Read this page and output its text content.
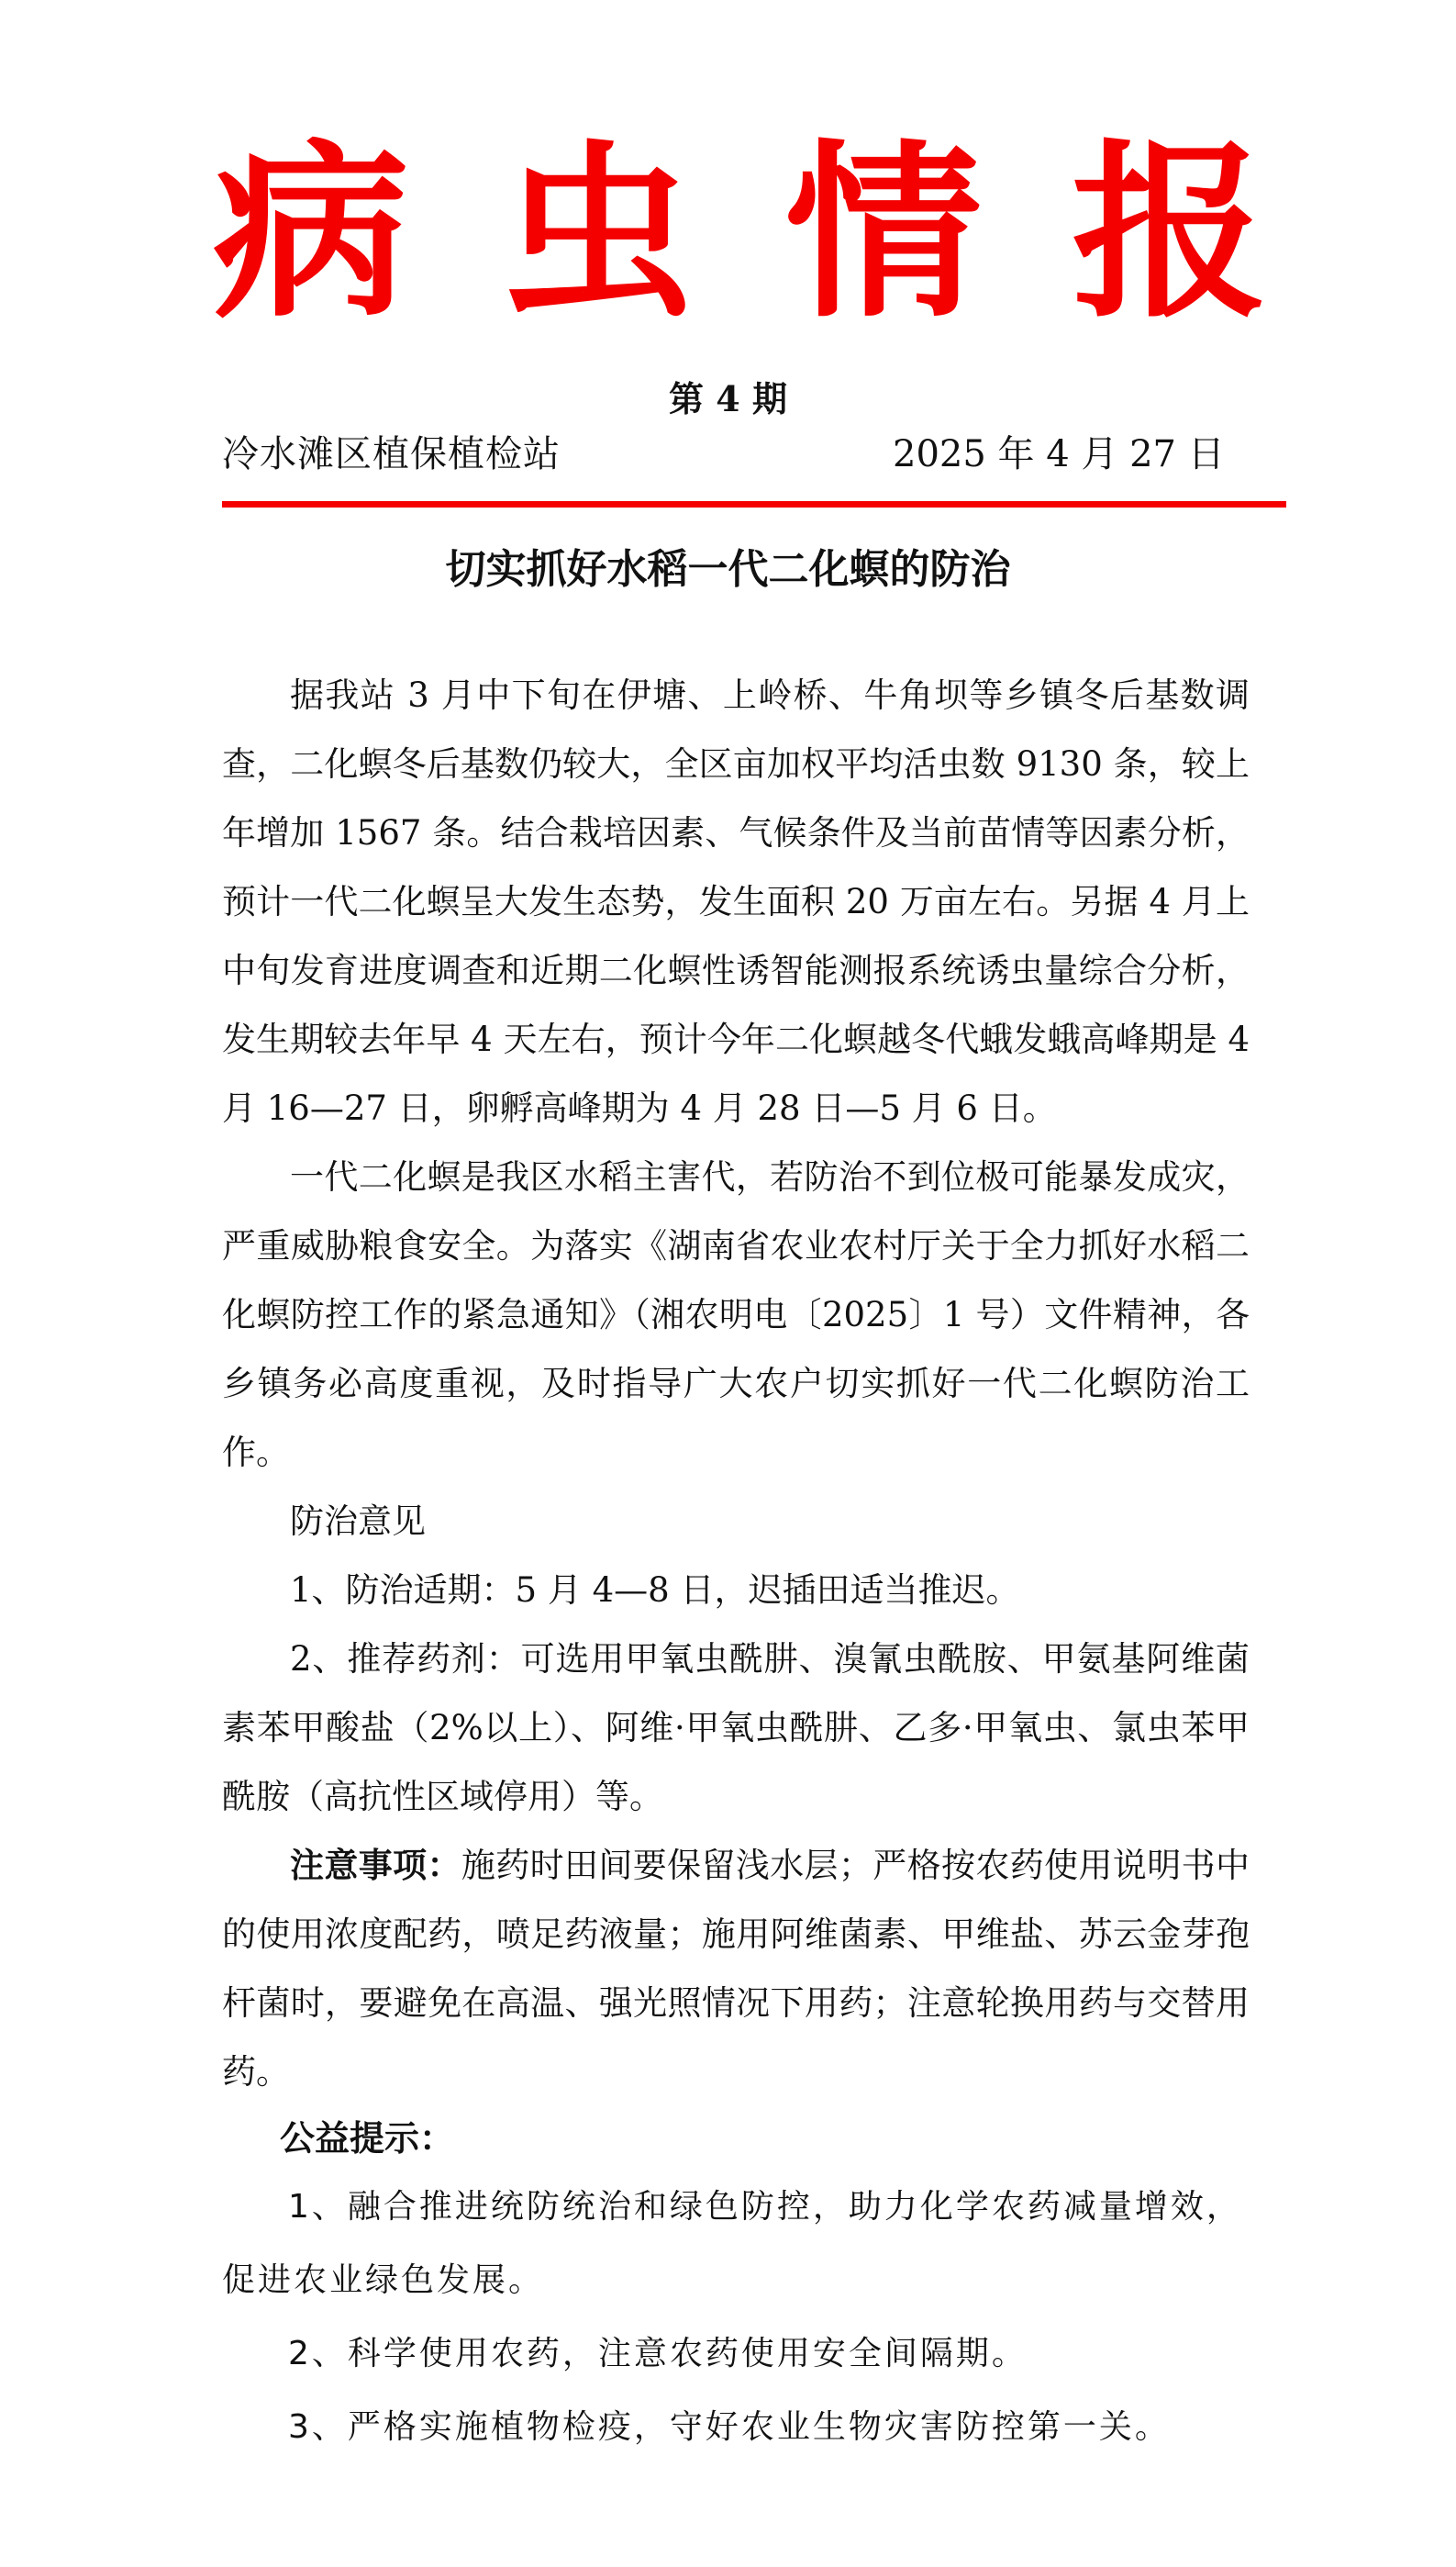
病 虫 情 报
第 4 期
冷水滩区植保植检站	2025 年 4 月 27 日
切实抓好水稻一代二化螟的防治

据我站 3 月中下旬在伊塘、上岭桥、牛角坝等乡镇冬后基数调查，二化螟冬后基数仍较大，全区亩加权平均活虫数 9130 条，较上年增加 1567 条。结合栽培因素、气候条件及当前苗情等因素分析，预计一代二化螟呈大发生态势，发生面积 20 万亩左右。另据 4 月上中旬发育进度调查和近期二化螟性诱智能测报系统诱虫量综合分析，发生期较去年早 4 天左右，预计今年二化螟越冬代蛾发蛾高峰期是 4 月 16—27 日，卵孵高峰期为 4 月 28 日—5 月 6 日。

一代二化螟是我区水稻主害代，若防治不到位极可能暴发成灾，严重威胁粮食安全。为落实《湖南省农业农村厅关于全力抓好水稻二化螟防控工作的紧急通知》（湘农明电〔2025〕1 号）文件精神，各乡镇务必高度重视，及时指导广大农户切实抓好一代二化螟防治工作。

防治意见

1、防治适期：5 月 4—8 日，迟插田适当推迟。

2、推荐药剂：可选用甲氧虫酰肼、溴氰虫酰胺、甲氨基阿维菌素苯甲酸盐（2%以上）、阿维·甲氧虫酰肼、乙多·甲氧虫、氯虫苯甲酰胺（高抗性区域停用）等。

注意事项：施药时田间要保留浅水层；严格按农药使用说明书中的使用浓度配药，喷足药液量；施用阿维菌素、甲维盐、苏云金芽孢杆菌时，要避免在高温、强光照情况下用药；注意轮换用药与交替用药。

公益提示：

1、融合推进统防统治和绿色防控，助力化学农药减量增效，促进农业绿色发展。

2、科学使用农药，注意农药使用安全间隔期。

3、严格实施植物检疫，守好农业生物灾害防控第一关。
